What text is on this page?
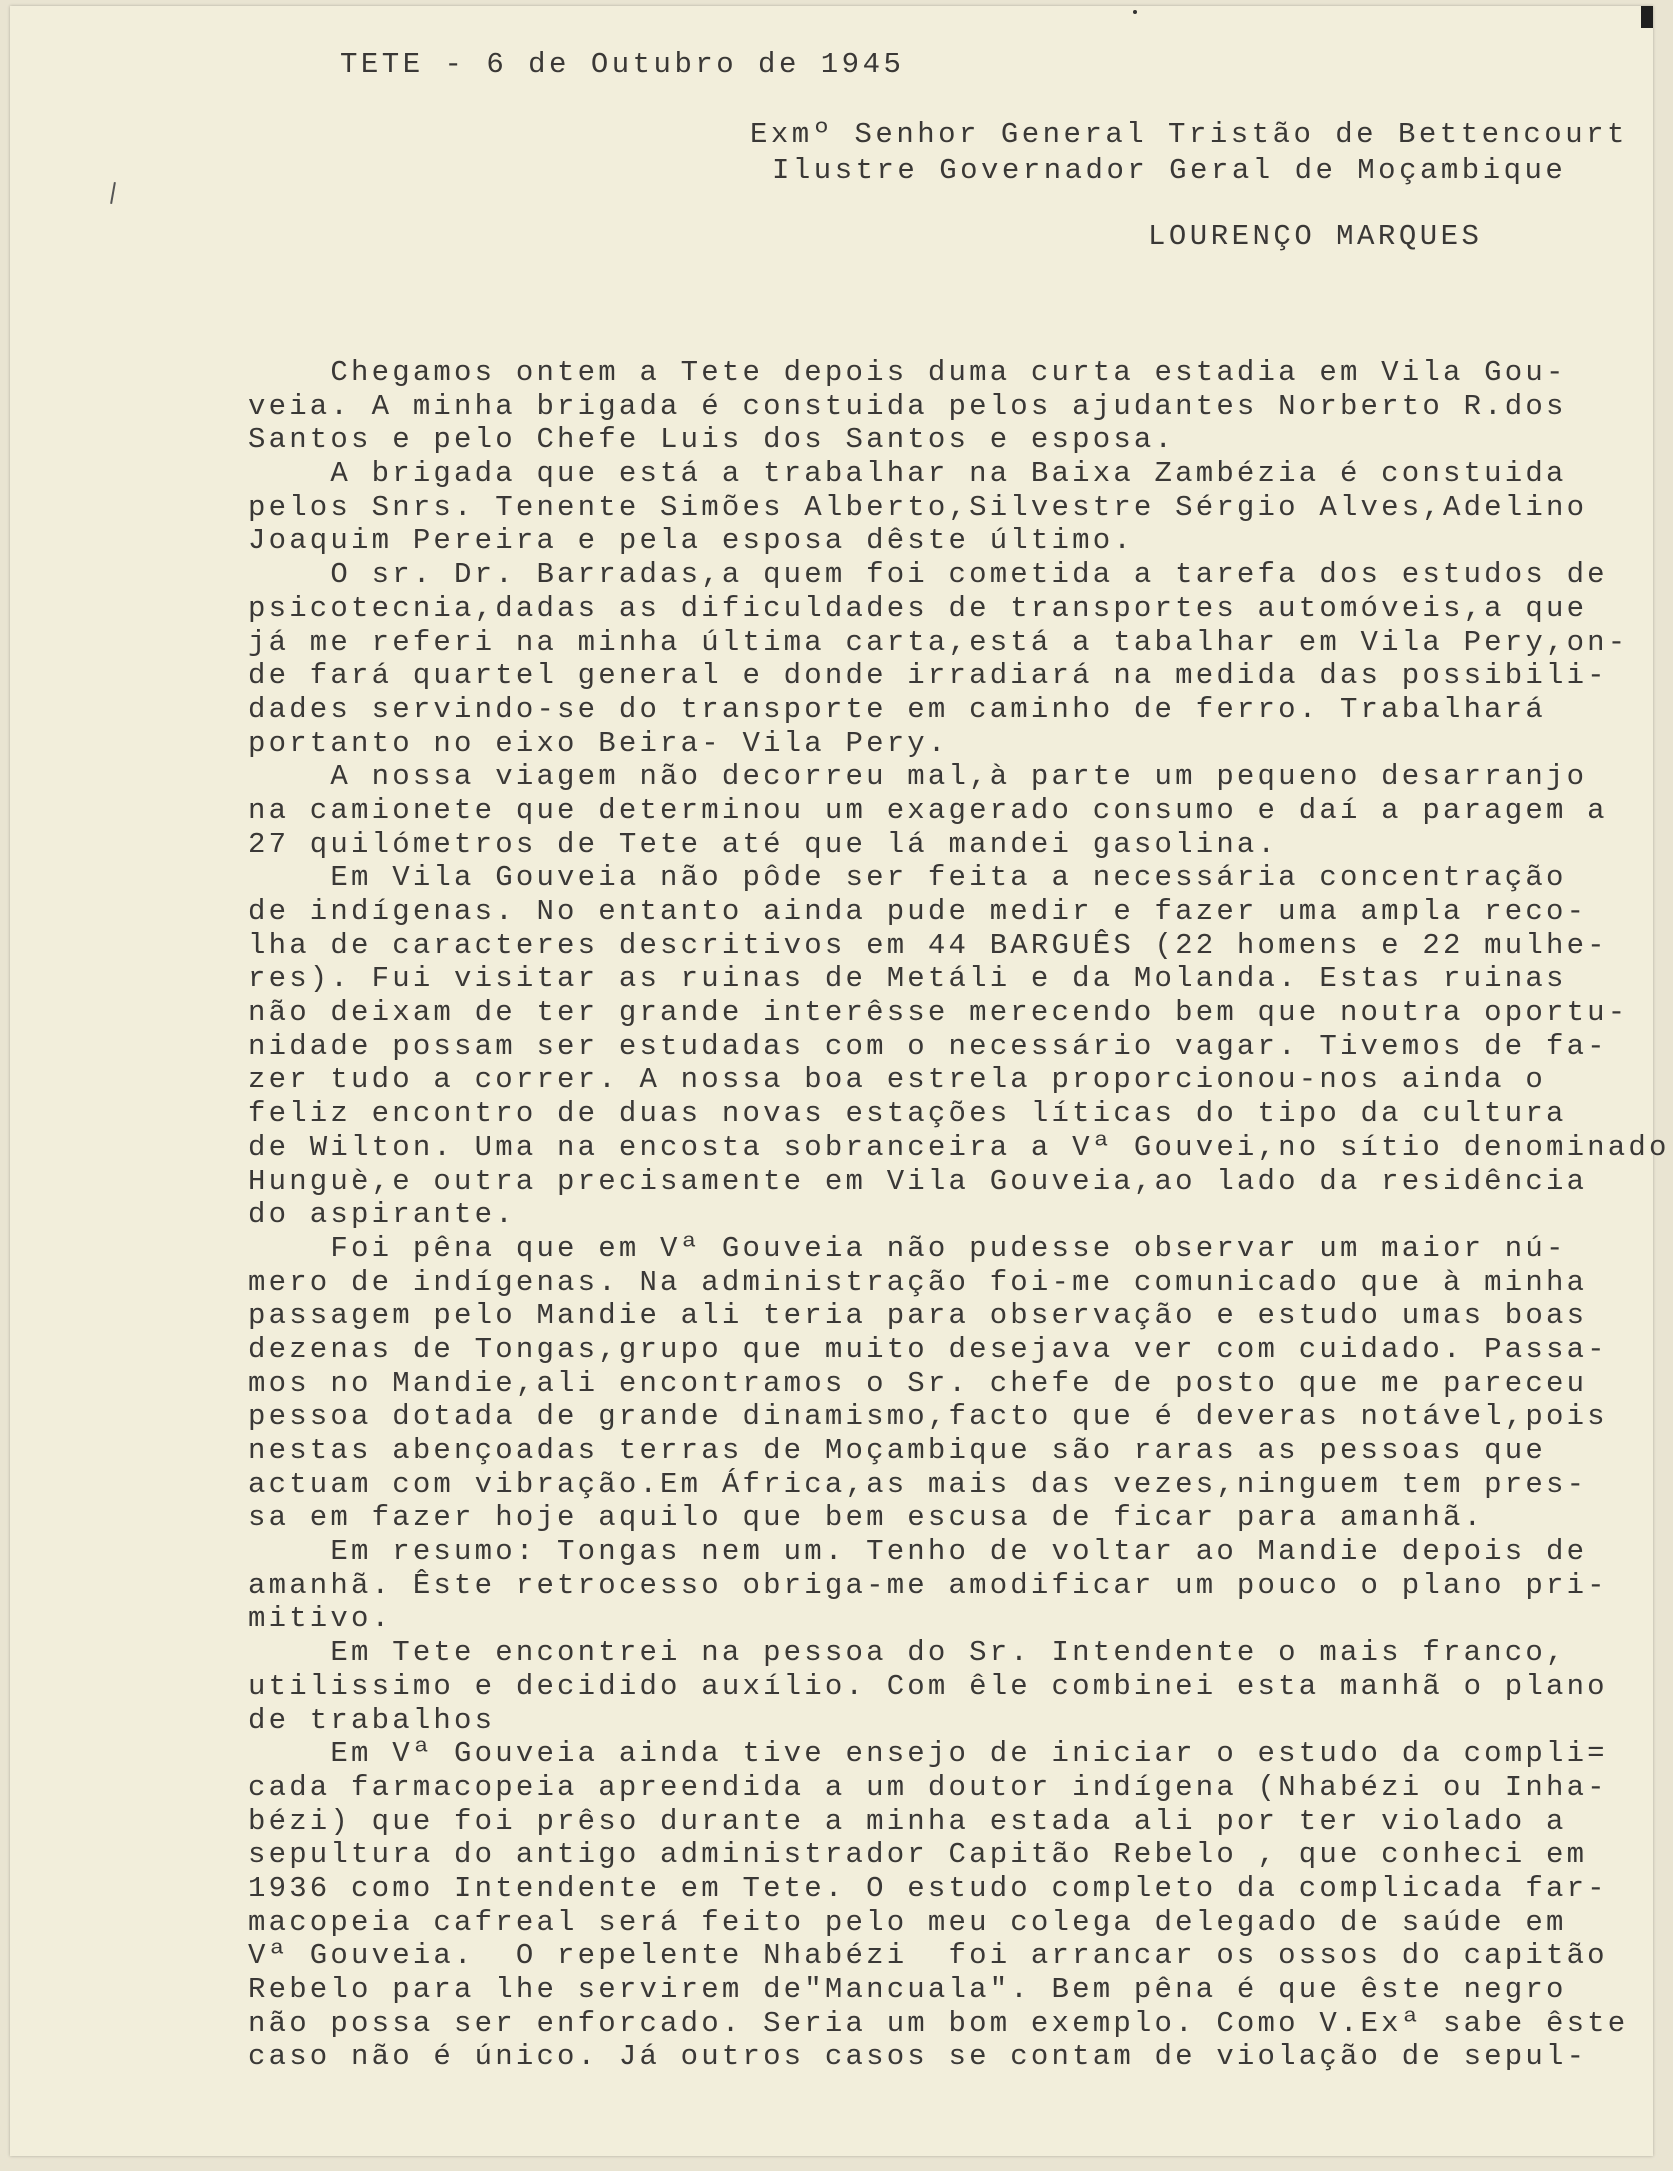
TETE - 6 de Outubro de 1945
Exmº Senhor General Tristão de Bettencourt
Ilustre Governador Geral de Moçambique
LOURENÇO MARQUES
Chegamos ontem a Tete depois duma curta estadia em Vila Gou-
veia. A minha brigada é constuida pelos ajudantes Norberto R.dos
Santos e pelo Chefe Luis dos Santos e esposa.
A brigada que está a trabalhar na Baixa Zambézia é constuida
pelos Snrs. Tenente Simões Alberto,Silvestre Sérgio Alves,Adelino
Joaquim Pereira e pela esposa dêste último.
O sr. Dr. Barradas,a quem foi cometida a tarefa dos estudos de
psicotecnia,dadas as dificuldades de transportes automóveis,a que
já me referi na minha última carta,está a tabalhar em Vila Pery,on-
de fará quartel general e donde irradiará na medida das possibili-
dades servindo-se do transporte em caminho de ferro. Trabalhará
portanto no eixo Beira- Vila Pery.
A nossa viagem não decorreu mal,à parte um pequeno desarranjo
na camionete que determinou um exagerado consumo e daí a paragem a
27 quilómetros de Tete até que lá mandei gasolina.
Em Vila Gouveia não pôde ser feita a necessária concentração
de indígenas. No entanto ainda pude medir e fazer uma ampla reco-
lha de caracteres descritivos em 44 BARGUÊS (22 homens e 22 mulhe-
res). Fui visitar as ruinas de Metáli e da Molanda. Estas ruinas
não deixam de ter grande interêsse merecendo bem que noutra oportu-
nidade possam ser estudadas com o necessário vagar. Tivemos de fa-
zer tudo a correr. A nossa boa estrela proporcionou-nos ainda o
feliz encontro de duas novas estações líticas do tipo da cultura
de Wilton. Uma na encosta sobranceira a Vª Gouvei,no sítio denominado
Hunguè,e outra precisamente em Vila Gouveia,ao lado da residência
do aspirante.
Foi pêna que em Vª Gouveia não pudesse observar um maior nú-
mero de indígenas. Na administração foi-me comunicado que à minha
passagem pelo Mandie ali teria para observação e estudo umas boas
dezenas de Tongas,grupo que muito desejava ver com cuidado. Passa-
mos no Mandie,ali encontramos o Sr. chefe de posto que me pareceu
pessoa dotada de grande dinamismo,facto que é deveras notável,pois
nestas abençoadas terras de Moçambique são raras as pessoas que
actuam com vibração.Em África,as mais das vezes,ninguem tem pres-
sa em fazer hoje aquilo que bem escusa de ficar para amanhã.
Em resumo: Tongas nem um. Tenho de voltar ao Mandie depois de
amanhã. Êste retrocesso obriga-me amodificar um pouco o plano pri-
mitivo.
Em Tete encontrei na pessoa do Sr. Intendente o mais franco,
utilissimo e decidido auxílio. Com êle combinei esta manhã o plano
de trabalhos
Em Vª Gouveia ainda tive ensejo de iniciar o estudo da compli=
cada farmacopeia apreendida a um doutor indígena (Nhabézi ou Inha-
bézi) que foi prêso durante a minha estada ali por ter violado a
sepultura do antigo administrador Capitão Rebelo , que conheci em
1936 como Intendente em Tete. O estudo completo da complicada far-
macopeia cafreal será feito pelo meu colega delegado de saúde em
Vª Gouveia.  O repelente Nhabézi  foi arrancar os ossos do capitão
Rebelo para lhe servirem de"Mancuala". Bem pêna é que êste negro
não possa ser enforcado. Seria um bom exemplo. Como V.Exª sabe êste
caso não é único. Já outros casos se contam de violação de sepul-
